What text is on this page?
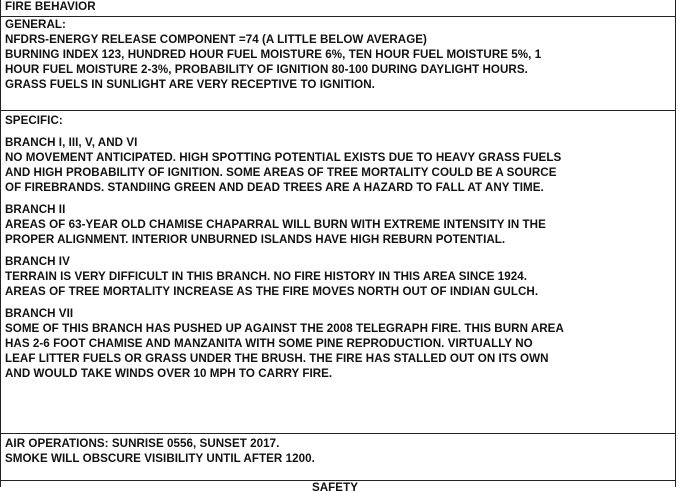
FIRE BEHAVIOR
GENERAL:
NFDRS-ENERGY RELEASE COMPONENT =74 (A LITTLE BELOW AVERAGE)
BURNING INDEX 123, HUNDRED HOUR FUEL MOISTURE 6%, TEN HOUR FUEL MOISTURE 5%, 1
HOUR FUEL MOISTURE 2-3%, PROBABILITY OF IGNITION 80-100 DURING DAYLIGHT HOURS.
GRASS FUELS IN SUNLIGHT ARE VERY RECEPTIVE TO IGNITION.
SPECIFIC:
BRANCH I, III, V, AND VI
NO MOVEMENT ANTICIPATED. HIGH SPOTTING POTENTIAL EXISTS DUE TO HEAVY GRASS FUELS
AND HIGH PROBABILITY OF IGNITION. SOME AREAS OF TREE MORTALITY COULD BE A SOURCE
OF FIREBRANDS. STANDIING GREEN AND DEAD TREES ARE A HAZARD TO FALL AT ANY TIME.
BRANCH II
AREAS OF 63-YEAR OLD CHAMISE CHAPARRAL WILL BURN WITH EXTREME INTENSITY IN THE
PROPER ALIGNMENT. INTERIOR UNBURNED ISLANDS HAVE HIGH REBURN POTENTIAL.
BRANCH IV
TERRAIN IS VERY DIFFICULT IN THIS BRANCH. NO FIRE HISTORY IN THIS AREA SINCE 1924.
AREAS OF TREE MORTALITY INCREASE AS THE FIRE MOVES NORTH OUT OF INDIAN GULCH.
BRANCH VII
SOME OF THIS BRANCH HAS PUSHED UP AGAINST THE 2008 TELEGRAPH FIRE. THIS BURN AREA
HAS 2-6 FOOT CHAMISE AND MANZANITA WITH SOME PINE REPRODUCTION. VIRTUALLY NO
LEAF LITTER FUELS OR GRASS UNDER THE BRUSH. THE FIRE HAS STALLED OUT ON ITS OWN
AND WOULD TAKE WINDS OVER 10 MPH TO CARRY FIRE.
AIR OPERATIONS: SUNRISE 0556, SUNSET 2017.
SMOKE WILL OBSCURE VISIBILITY UNTIL AFTER 1200.
SAFETY
